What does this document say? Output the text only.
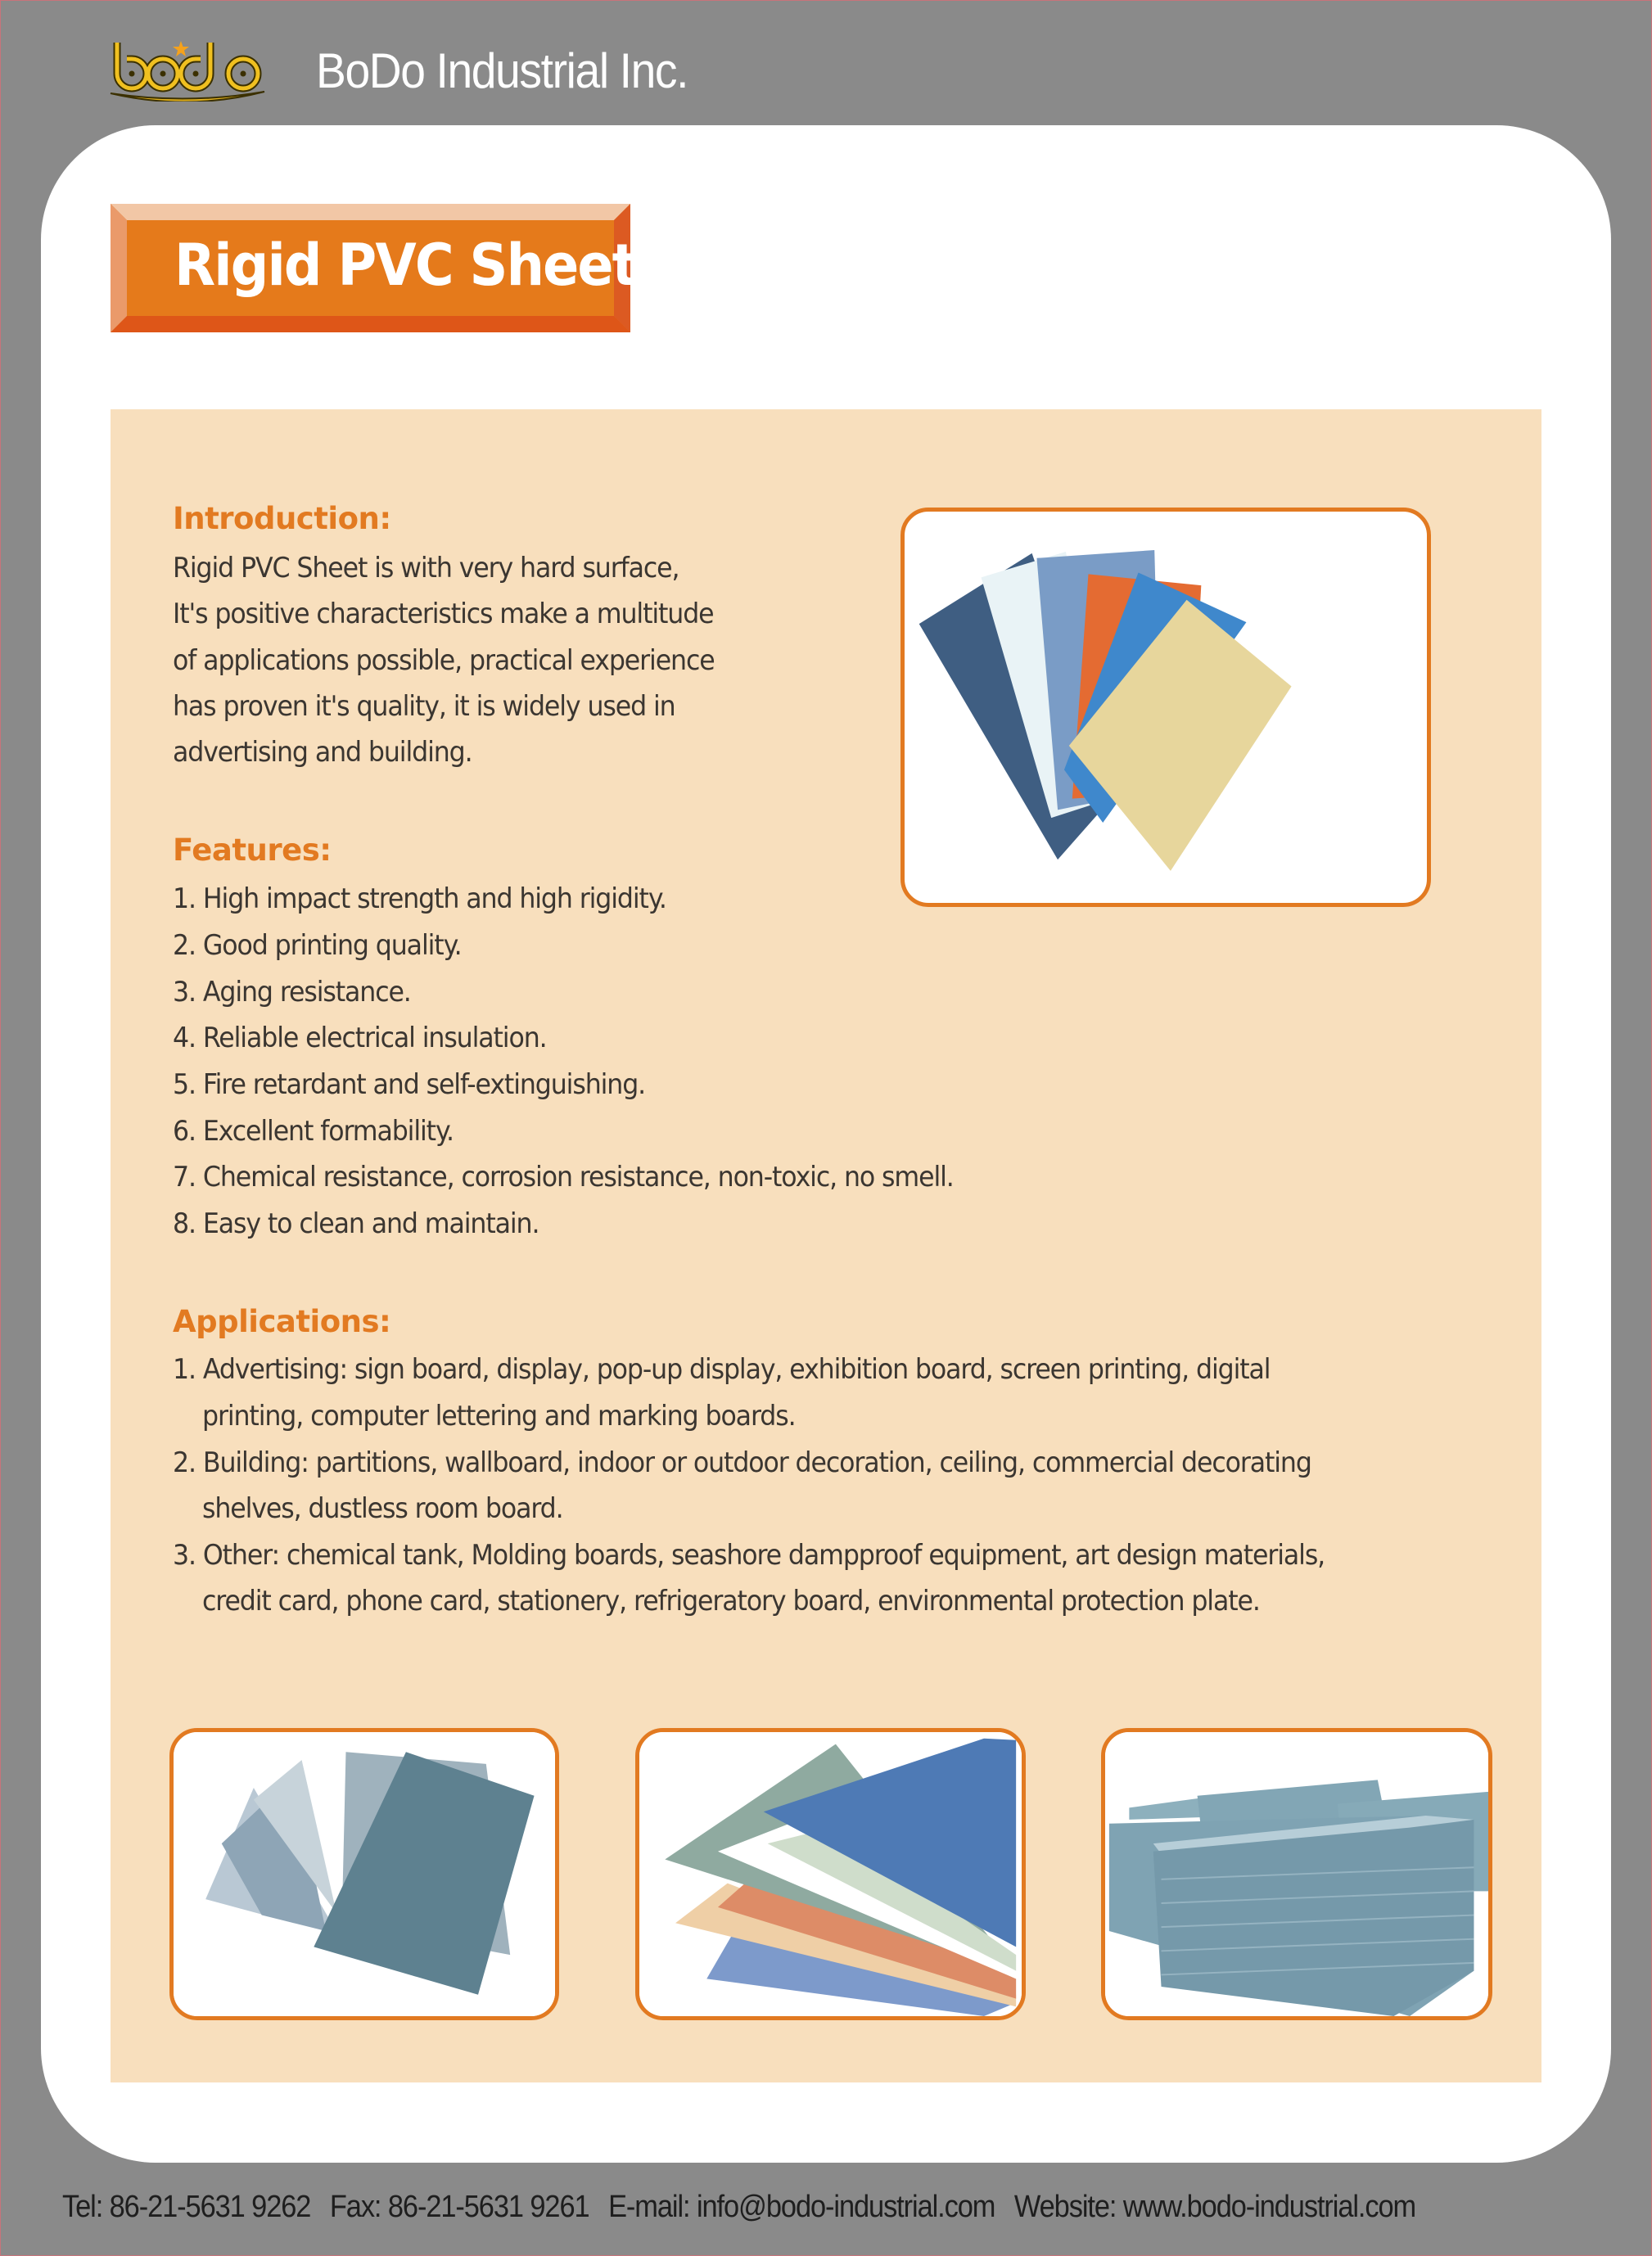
BoDo Industrial Inc.
Rigid PVC Sheet
Introduction:
Rigid PVC Sheet is with very hard surface,
It's positive characteristics make a multitude
of applications possible, practical experience
has proven it's quality, it is widely used in
advertising and building.
Features:
1. High impact strength and high rigidity.
2. Good printing quality.
3. Aging resistance.
4. Reliable electrical insulation.
5. Fire retardant and self-extinguishing.
6. Excellent formability.
7. Chemical resistance, corrosion resistance, non-toxic, no smell.
8. Easy to clean and maintain.
Applications:
1. Advertising: sign board, display, pop-up display, exhibition board, screen printing, digital
printing, computer lettering and marking boards.
2. Building: partitions, wallboard, indoor or outdoor decoration, ceiling, commercial decorating
shelves, dustless room board.
3. Other: chemical tank, Molding boards, seashore dampproof equipment, art design materials,
credit card, phone card, stationery, refrigeratory board, environmental protection plate.
Tel: 86-21-5631 9262 Fax: 86-21-5631 9261 E-mail: info@bodo-industrial.com Website: www.bodo-industrial.com
